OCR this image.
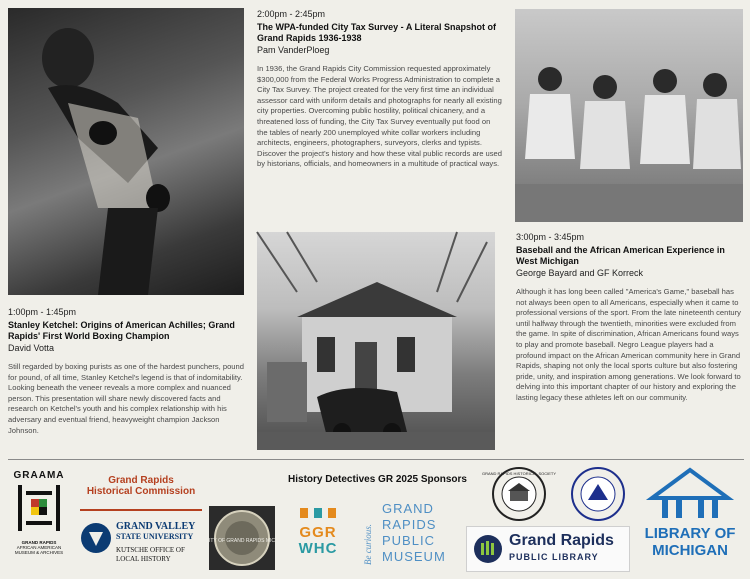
1:00pm - 1:45pm
Stanley Ketchel: Origins of American Achilles; Grand Rapids' First World Boxing Champion
David Votta
Still regarded by boxing purists as one of the hardest punchers, pound for pound, of all time, Stanley Ketchel's legend is that of indomitability. Looking beneath the veneer reveals a more complex and nuanced person. This presentation will share newly discovered facts and research on Ketchel's youth and his complex relationship with his adversary and eventual friend, heavyweight champion Jackson Johnson.
2:00pm - 2:45pm
The WPA-funded City Tax Survey - A Literal Snapshot of Grand Rapids 1936-1938
Pam VanderPloeg
In 1936, the Grand Rapids City Commission requested approximately $300,000 from the Federal Works Progress Administration to complete a City Tax Survey. The project created for the very first time an individual assessor card with uniform details and photographs for nearly all existing city properties. Overcoming public hostility, political chicanery, and a threatened loss of funding, the City Tax Survey eventually put food on the tables of nearly 200 unemployed white collar workers including architects, engineers, photographers, surveyors, clerks and typists. Discover the project's history and how these vital public records are used by historians, officials, and homeowners in a multitude of practical ways.
3:00pm - 3:45pm
Baseball and the African American Experience in West Michigan
George Bayard and GF Korreck
Although it has long been called "America's Game," baseball has not always been open to all Americans, especially when it came to professional versions of the sport. From the late nineteenth century until halfway through the twentieth, minorities were excluded from the game. In spite of discrimination, African Americans found ways to play and promote baseball. Negro League players had a profound impact on the African American community here in Grand Rapids, shaping not only the local sports culture but also fostering pride, unity, and inspiration among generations. We look forward to delving into this important chapter of our history and exploring the lasting legacy these athletes left on our community.
History Detectives GR 2025 Sponsors
GRAAMA
GRAND RAPIDS
AFRICAN AMERICAN
MUSEUM & ARCHIVES
Grand Rapids
Historical Commission
GRAND VALLEY
STATE UNIVERSITY
KUTSCHE OFFICE OF
LOCAL HISTORY
CITY OF GRAND RAPIDS MICH	GGR
WHC	Be curious.
GRAND
RAPIDS
PUBLIC
MUSEUM
GRAND RAPIDS HISTORICAL SOCIETY
Grand Rapids
PUBLIC LIBRARY
LIBRARY OF
MICHIGAN
